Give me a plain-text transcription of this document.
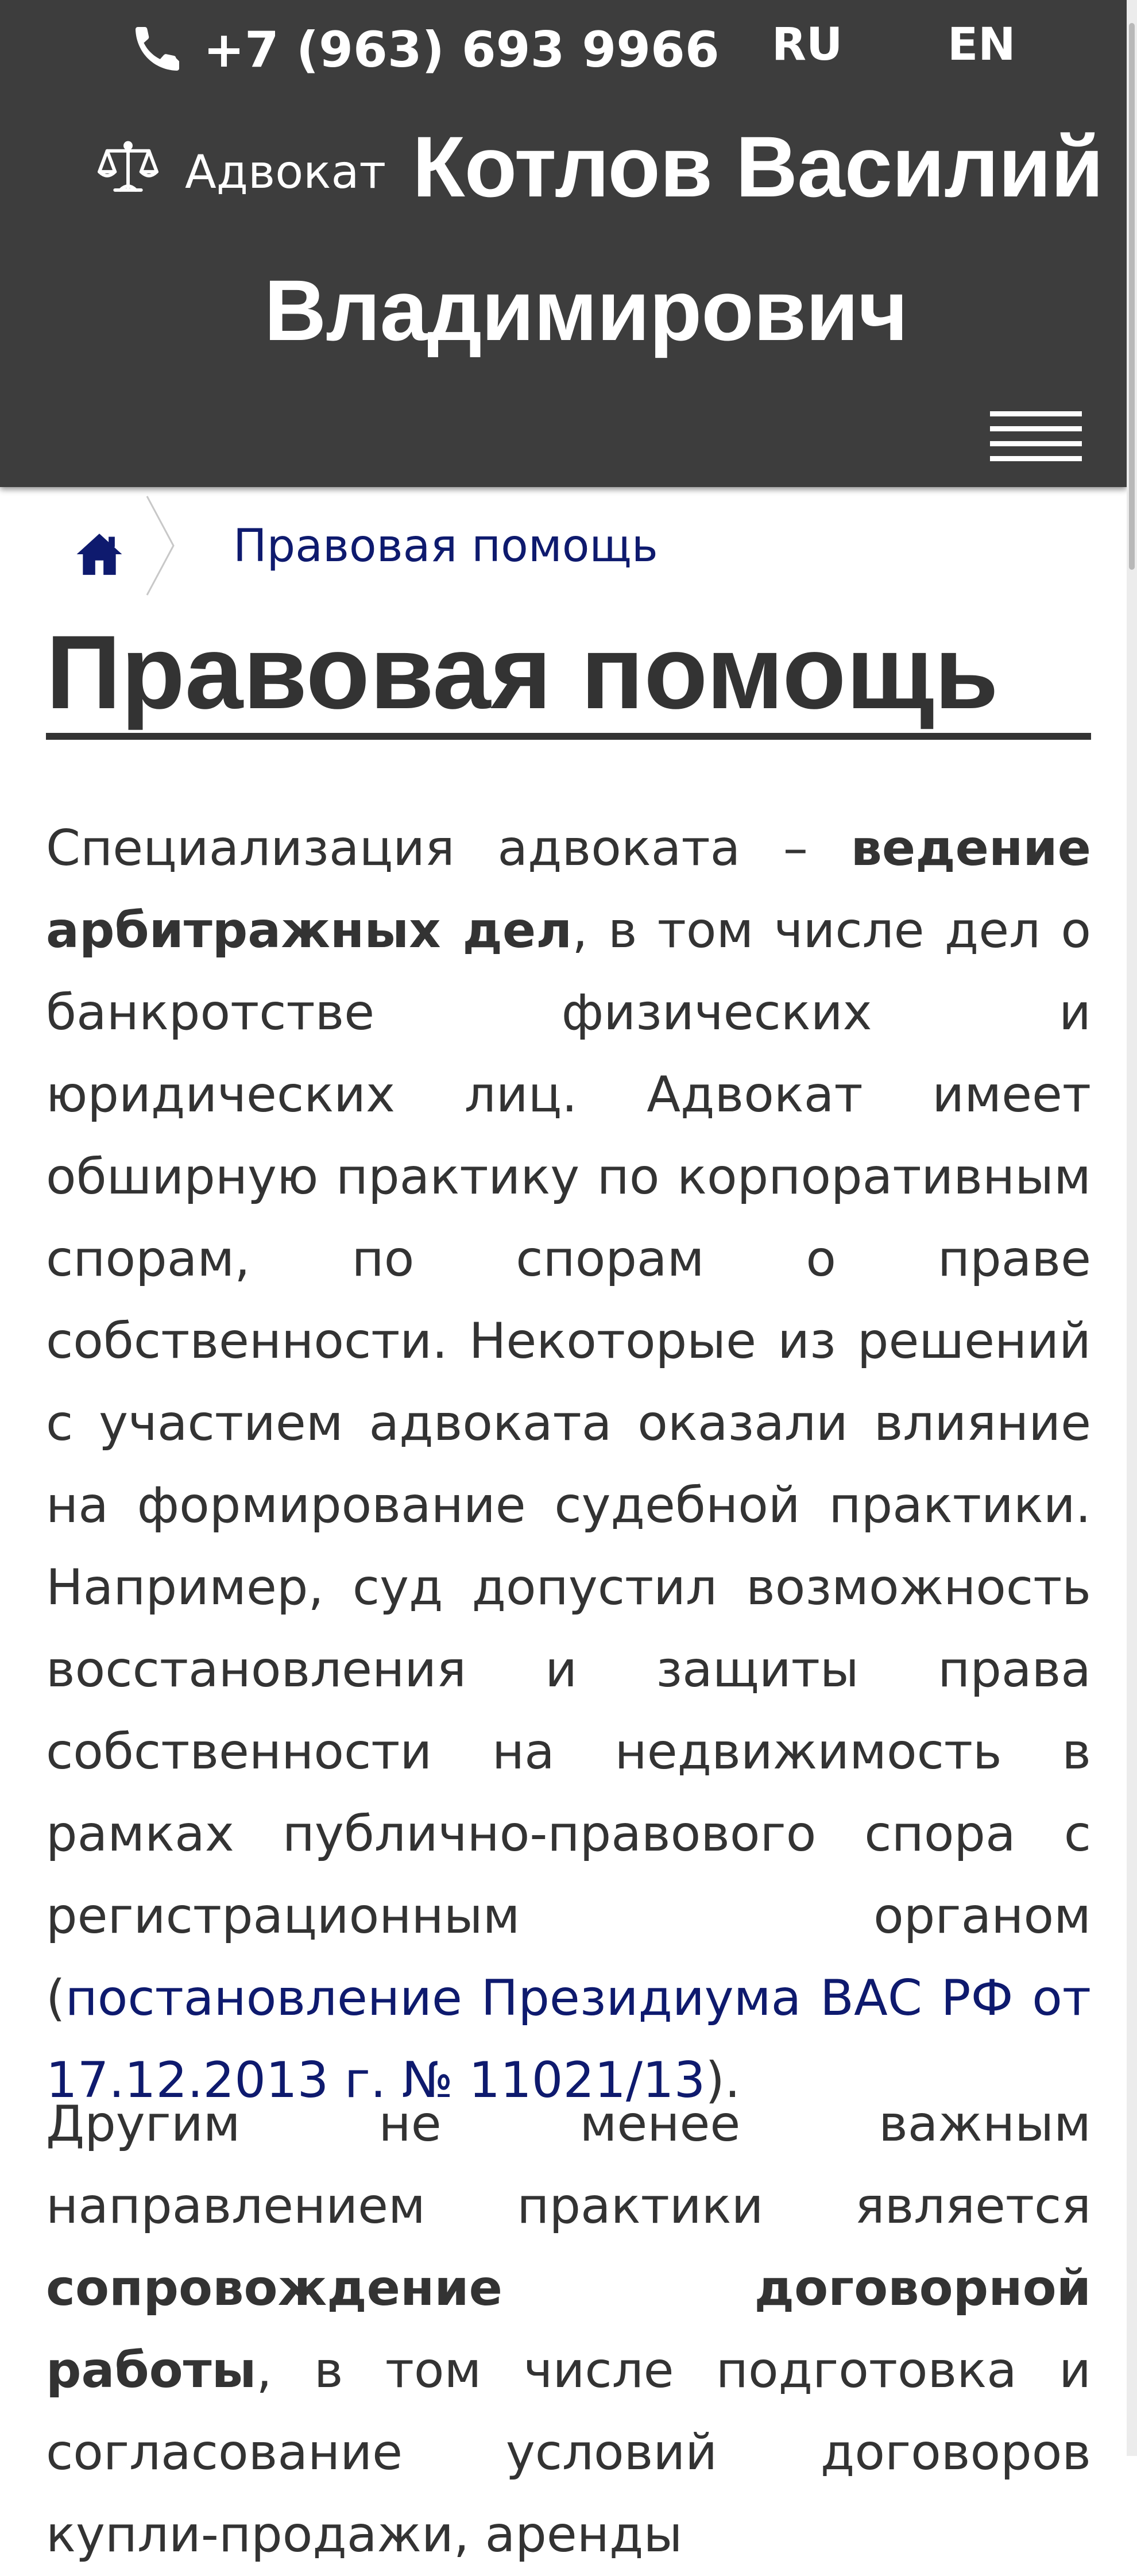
+7 (963) 693 9966 RU EN
Адвокат Котлов Василий
Владимирович
Правовая помощь
Правовая помощь

Специализация адвоката – ведение арбитражных дел, в том числе дел о банкротстве физических и юридических лиц. Адвокат имеет обширную практику по корпоративным спорам, по спорам о праве собственности. Некоторые из решений с участием адвоката оказали влияние на формирование судебной практики. Например, суд допустил возможность восстановления и защиты права собственности на недвижимость в рамках публично-правового спора с регистрационным органом (постановление Президиума ВАС РФ от 17.12.2013 г. № 11021/13).

Другим не менее важным направлением практики является сопровождение договорной работы, в том числе подготовка и согласование условий договоров купли-продажи, аренды
